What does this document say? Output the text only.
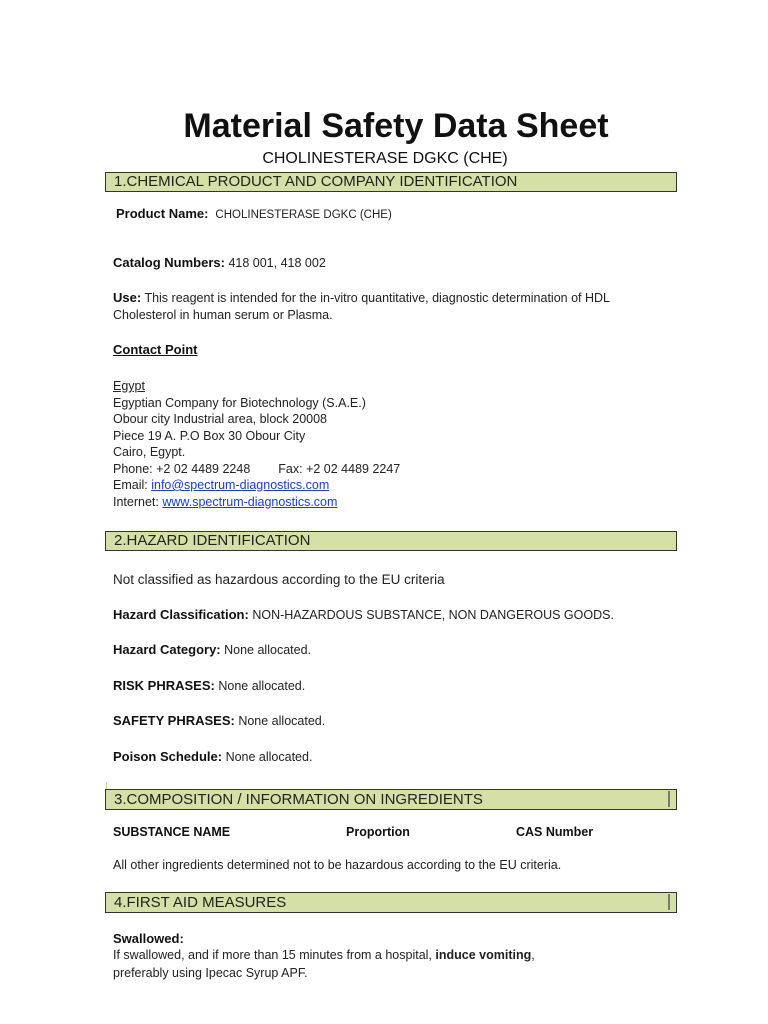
Material Safety Data Sheet
CHOLINESTERASE DGKC (CHE)
1.CHEMICAL PRODUCT AND COMPANY IDENTIFICATION
Product Name: CHOLINESTERASE DGKC (CHE)
Catalog Numbers: 418 001, 418 002
Use: This reagent is intended for the in-vitro quantitative, diagnostic determination of HDL
Cholesterol in human serum or Plasma.
Contact Point
Egypt
Egyptian Company for Biotechnology (S.A.E.)
Obour city Industrial area, block 20008
Piece 19 A. P.O Box 30 Obour City
Cairo, Egypt.
Phone: +2 02 4489 2248 Fax: +2 02 4489 2247
Email: info@spectrum-diagnostics.com
Internet: www.spectrum-diagnostics.com
2.HAZARD IDENTIFICATION
Not classified as hazardous according to the EU criteria
Hazard Classification: NON-HAZARDOUS SUBSTANCE, NON DANGEROUS GOODS.
Hazard Category: None allocated.
RISK PHRASES: None allocated.
SAFETY PHRASES: None allocated.
Poison Schedule: None allocated.
3.COMPOSITION / INFORMATION ON INGREDIENTS
SUBSTANCE NAME	Proportion	CAS Number
All other ingredients determined not to be hazardous according to the EU criteria.
4.FIRST AID MEASURES
Swallowed:
If swallowed, and if more than 15 minutes from a hospital, induce vomiting,
preferably using Ipecac Syrup APF.
